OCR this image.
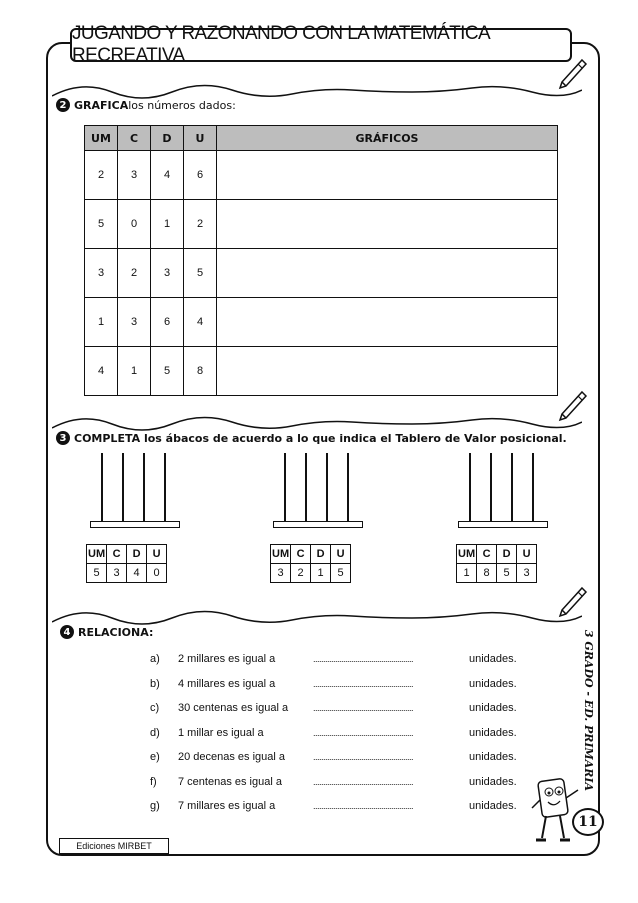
JUGANDO Y RAZONANDO CON LA MATEMÁTICA RECREATIVA
2 GRAFICA los números dados:
UM	C	D	U	GRÁFICOS
2	3	4	6	
5	0	1	2	
3	2	3	5	
1	3	6	4	
4	1	5	8	
3 COMPLETA los ábacos de acuerdo a lo que indica el Tablero de Valor posicional.
UM	C	D	U
5	3	4	0
UM	C	D	U
3	2	1	5
UM	C	D	U
1	8	5	3
4 RELACIONA:
a)	2 millares es igual a	..................................................	unidades.
b)	4 millares es igual a	..................................................	unidades.
c)	30 centenas es igual a	..................................................	unidades.
d)	1 millar es igual a	..................................................	unidades.
e)	20 decenas es igual a	..................................................	unidades.
f)	7 centenas es igual a	..................................................	unidades.
g)	7 millares es igual a	..................................................	unidades.
3 GRADO - ED. PRIMARIA
11
Ediciones MIRBET
